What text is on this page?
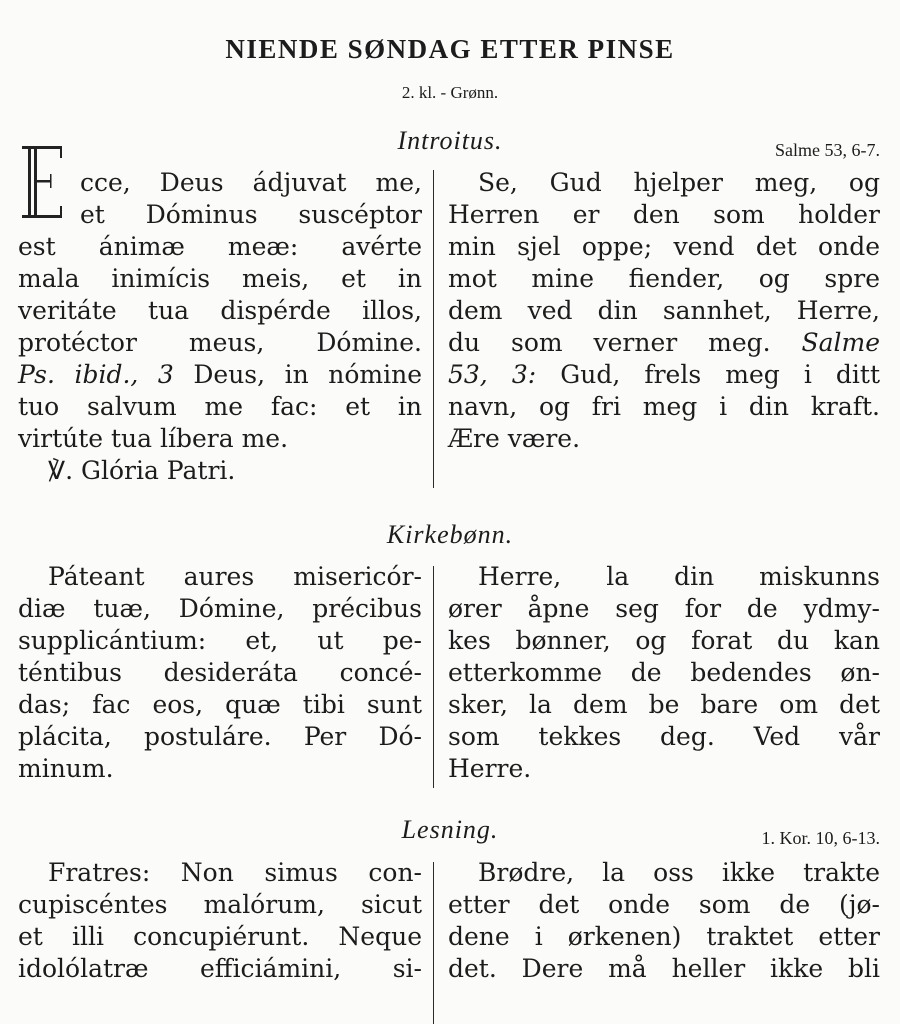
NIENDE SØNDAG ETTER PINSE
2. kl. - Grønn.
Introitus.	Salme 53, 6-7.
cce, Deus ádjuvat me,
et Dóminus suscéptor
est ánimæ meæ: avérte
mala inimícis meis, et in
veritáte tua dispérde illos,
protéctor meus, Dómine.
Ps. ibid., 3 Deus, in nómine
tuo salvum me fac: et in
virtúte tua líbera me.
℣. Glória Patri.
Se, Gud hjelper meg, og
Herren er den som holder
min sjel oppe; vend det onde
mot mine fiender, og spre
dem ved din sannhet, Herre,
du som verner meg. Salme
53, 3: Gud, frels meg i ditt
navn, og fri meg i din kraft.
Ære være.
Kirkebønn.
Páteant aures misericór-
diæ tuæ, Dómine, précibus
supplicántium: et, ut pe-
téntibus desideráta concé-
das; fac eos, quæ tibi sunt
plácita, postuláre. Per Dó-
minum.
Herre, la din miskunns
ører åpne seg for de ydmy-
kes bønner, og forat du kan
etterkomme de bedendes øn-
sker, la dem be bare om det
som tekkes deg. Ved vår
Herre.
Lesning.	1. Kor. 10, 6-13.
Fratres: Non simus con-
cupiscéntes malórum, sicut
et illi concupiérunt. Neque
idolólatræ efficiámini, si-
Brødre, la oss ikke trakte
etter det onde som de (jø-
dene i ørkenen) traktet etter
det. Dere må heller ikke bli
